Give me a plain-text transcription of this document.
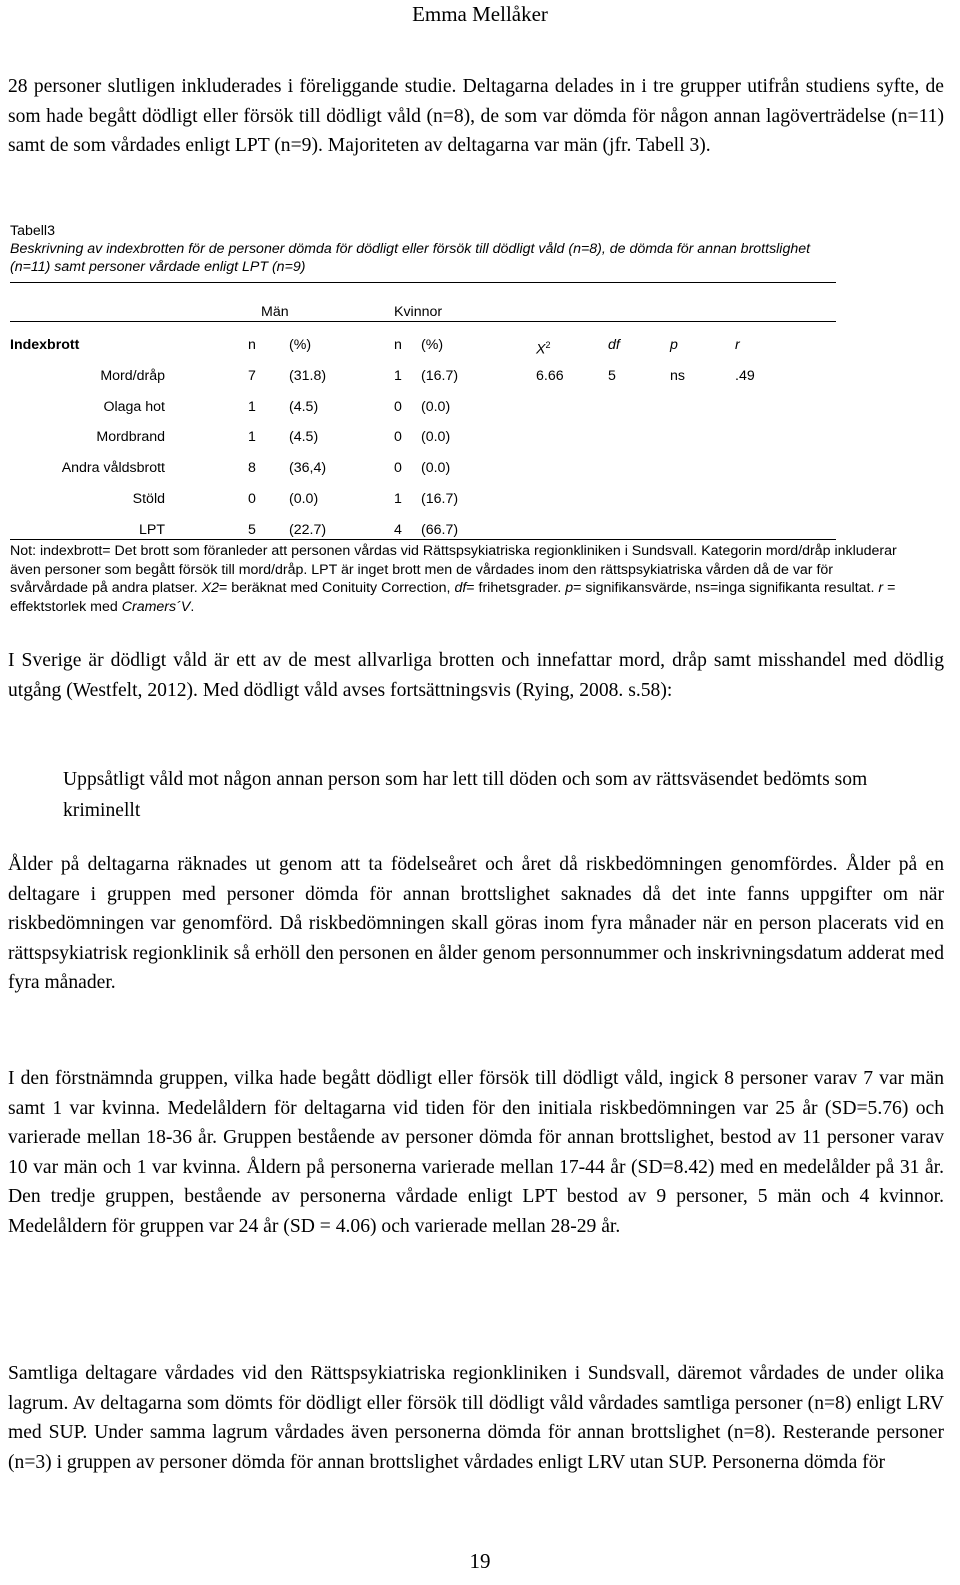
Emma Mellåker
28 personer slutligen inkluderades i föreliggande studie. Deltagarna delades in i tre grupper utifrån studiens syfte, de som hade begått dödligt eller försök till dödligt våld (n=8), de som var dömda för någon annan lagöverträdelse (n=11) samt de som vårdades enligt LPT (n=9). Majoriteten av deltagarna var män (jfr. Tabell 3).
Tabell3
Beskrivning av indexbrotten för de personer dömda för dödligt eller försök till dödligt våld (n=8), de dömda för annan brottslighet (n=11) samt personer vårdade enligt LPT (n=9)
Män	Kvinnor
Indexbrott	n (%)	n (%)	$X^2$	df	p	r
Mord/dråp	7 (31.8)	1 (16.7)	6.66	5	ns	.49
Olaga hot	1 (4.5)	0 (0.0)
Mordbrand	1 (4.5)	0 (0.0)
Andra våldsbrott	8 (36,4)	0 (0.0)
Stöld	0 (0.0)	1 (16.7)
LPT	5 (22.7)	4 (66.7)
Not: indexbrott= Det brott som föranleder att personen vårdas vid Rättspsykiatriska regionkliniken i Sundsvall. Kategorin mord/dråp inkluderar även personer som begått försök till mord/dråp. LPT är inget brott men de vårdades inom den rättspsykiatriska vården då de var för svårvårdade på andra platser. X2= beräknat med Conituity Correction, df= frihetsgrader. p= signifikansvärde, ns=inga signifikanta resultat. r = effektstorlek med Cramers´V.
I Sverige är dödligt våld är ett av de mest allvarliga brotten och innefattar mord, dråp samt misshandel med dödlig utgång (Westfelt, 2012). Med dödligt våld avses fortsättningsvis (Rying, 2008. s.58):
Uppsåtligt våld mot någon annan person som har lett till döden och som av rättsväsendet bedömts som kriminellt
Ålder på deltagarna räknades ut genom att ta födelseåret och året då riskbedömningen genomfördes. Ålder på en deltagare i gruppen med personer dömda för annan brottslighet saknades då det inte fanns uppgifter om när riskbedömningen var genomförd. Då riskbedömningen skall göras inom fyra månader när en person placerats vid en rättspsykiatrisk regionklinik så erhöll den personen en ålder genom personnummer och inskrivningsdatum adderat med fyra månader.
I den förstnämnda gruppen, vilka hade begått dödligt eller försök till dödligt våld, ingick 8 personer varav 7 var män samt 1 var kvinna. Medelåldern för deltagarna vid tiden för den initiala riskbedömningen var 25 år (SD=5.76) och varierade mellan 18-36 år. Gruppen bestående av personer dömda för annan brottslighet, bestod av 11 personer varav 10 var män och 1 var kvinna. Åldern på personerna varierade mellan 17-44 år (SD=8.42) med en medelålder på 31 år. Den tredje gruppen, bestående av personerna vårdade enligt LPT bestod av 9 personer, 5 män och 4 kvinnor. Medelåldern för gruppen var 24 år (SD = 4.06) och varierade mellan 28-29 år.
Samtliga deltagare vårdades vid den Rättspsykiatriska regionkliniken i Sundsvall, däremot vårdades de under olika lagrum. Av deltagarna som dömts för dödligt eller försök till dödligt våld vårdades samtliga personer (n=8) enligt LRV med SUP. Under samma lagrum vårdades även personerna dömda för annan brottslighet (n=8). Resterande personer (n=3) i gruppen av personer dömda för annan brottslighet vårdades enligt LRV utan SUP. Personerna dömda för
19
